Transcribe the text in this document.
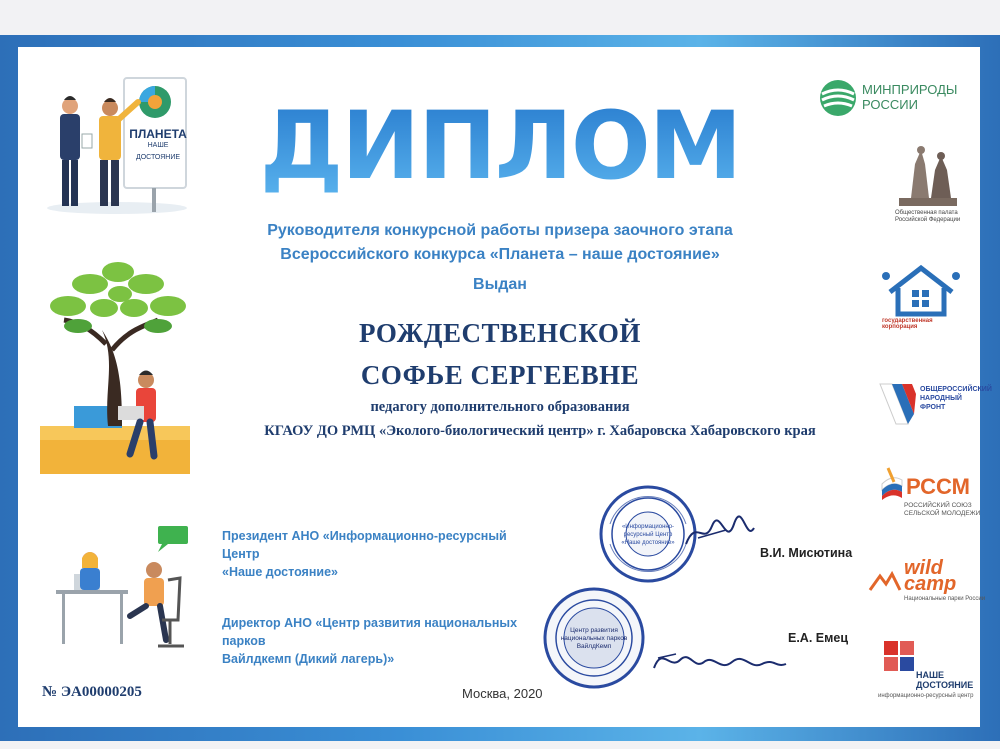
ДИПЛОМ
Руководителя конкурсной работы призера заочного этапа
Всероссийского конкурса «Планета – наше достояние»
Выдан
РОЖДЕСТВЕНСКОЙ
СОФЬЕ СЕРГЕЕВНЕ
педагогу дополнительного образования
КГАОУ ДО РМЦ «Эколого-биологический центр» г. Хабаровска Хабаровского края
Президент АНО «Информационно-ресурсный Центр
«Наше достояние»
В.И. Мисютина
Директор АНО «Центр развития национальных парков
Вайлдкемп (Дикий лагерь)»
Е.А. Емец
№ ЭА00000205	Москва, 2020
«Информационно-
ресурсный Центр
«Наше достояние»
Центр развития
национальных парков
ВайлдКемп
ПЛАНЕТА
НАШЕ ДОСТОЯНИЕ
МИНПРИРОДЫ
РОССИИ
Общественная палата
Российской Федерации
государственная корпорация
ОБЩЕРОССИЙСКИЙ
НАРОДНЫЙ
ФРОНТ
РССМ
РОССИЙСКИЙ СОЮЗ
СЕЛЬСКОЙ МОЛОДЕЖИ
wild
camp
Национальные парки России
НАШЕ
ДОСТОЯНИЕ
информационно-ресурсный центр
